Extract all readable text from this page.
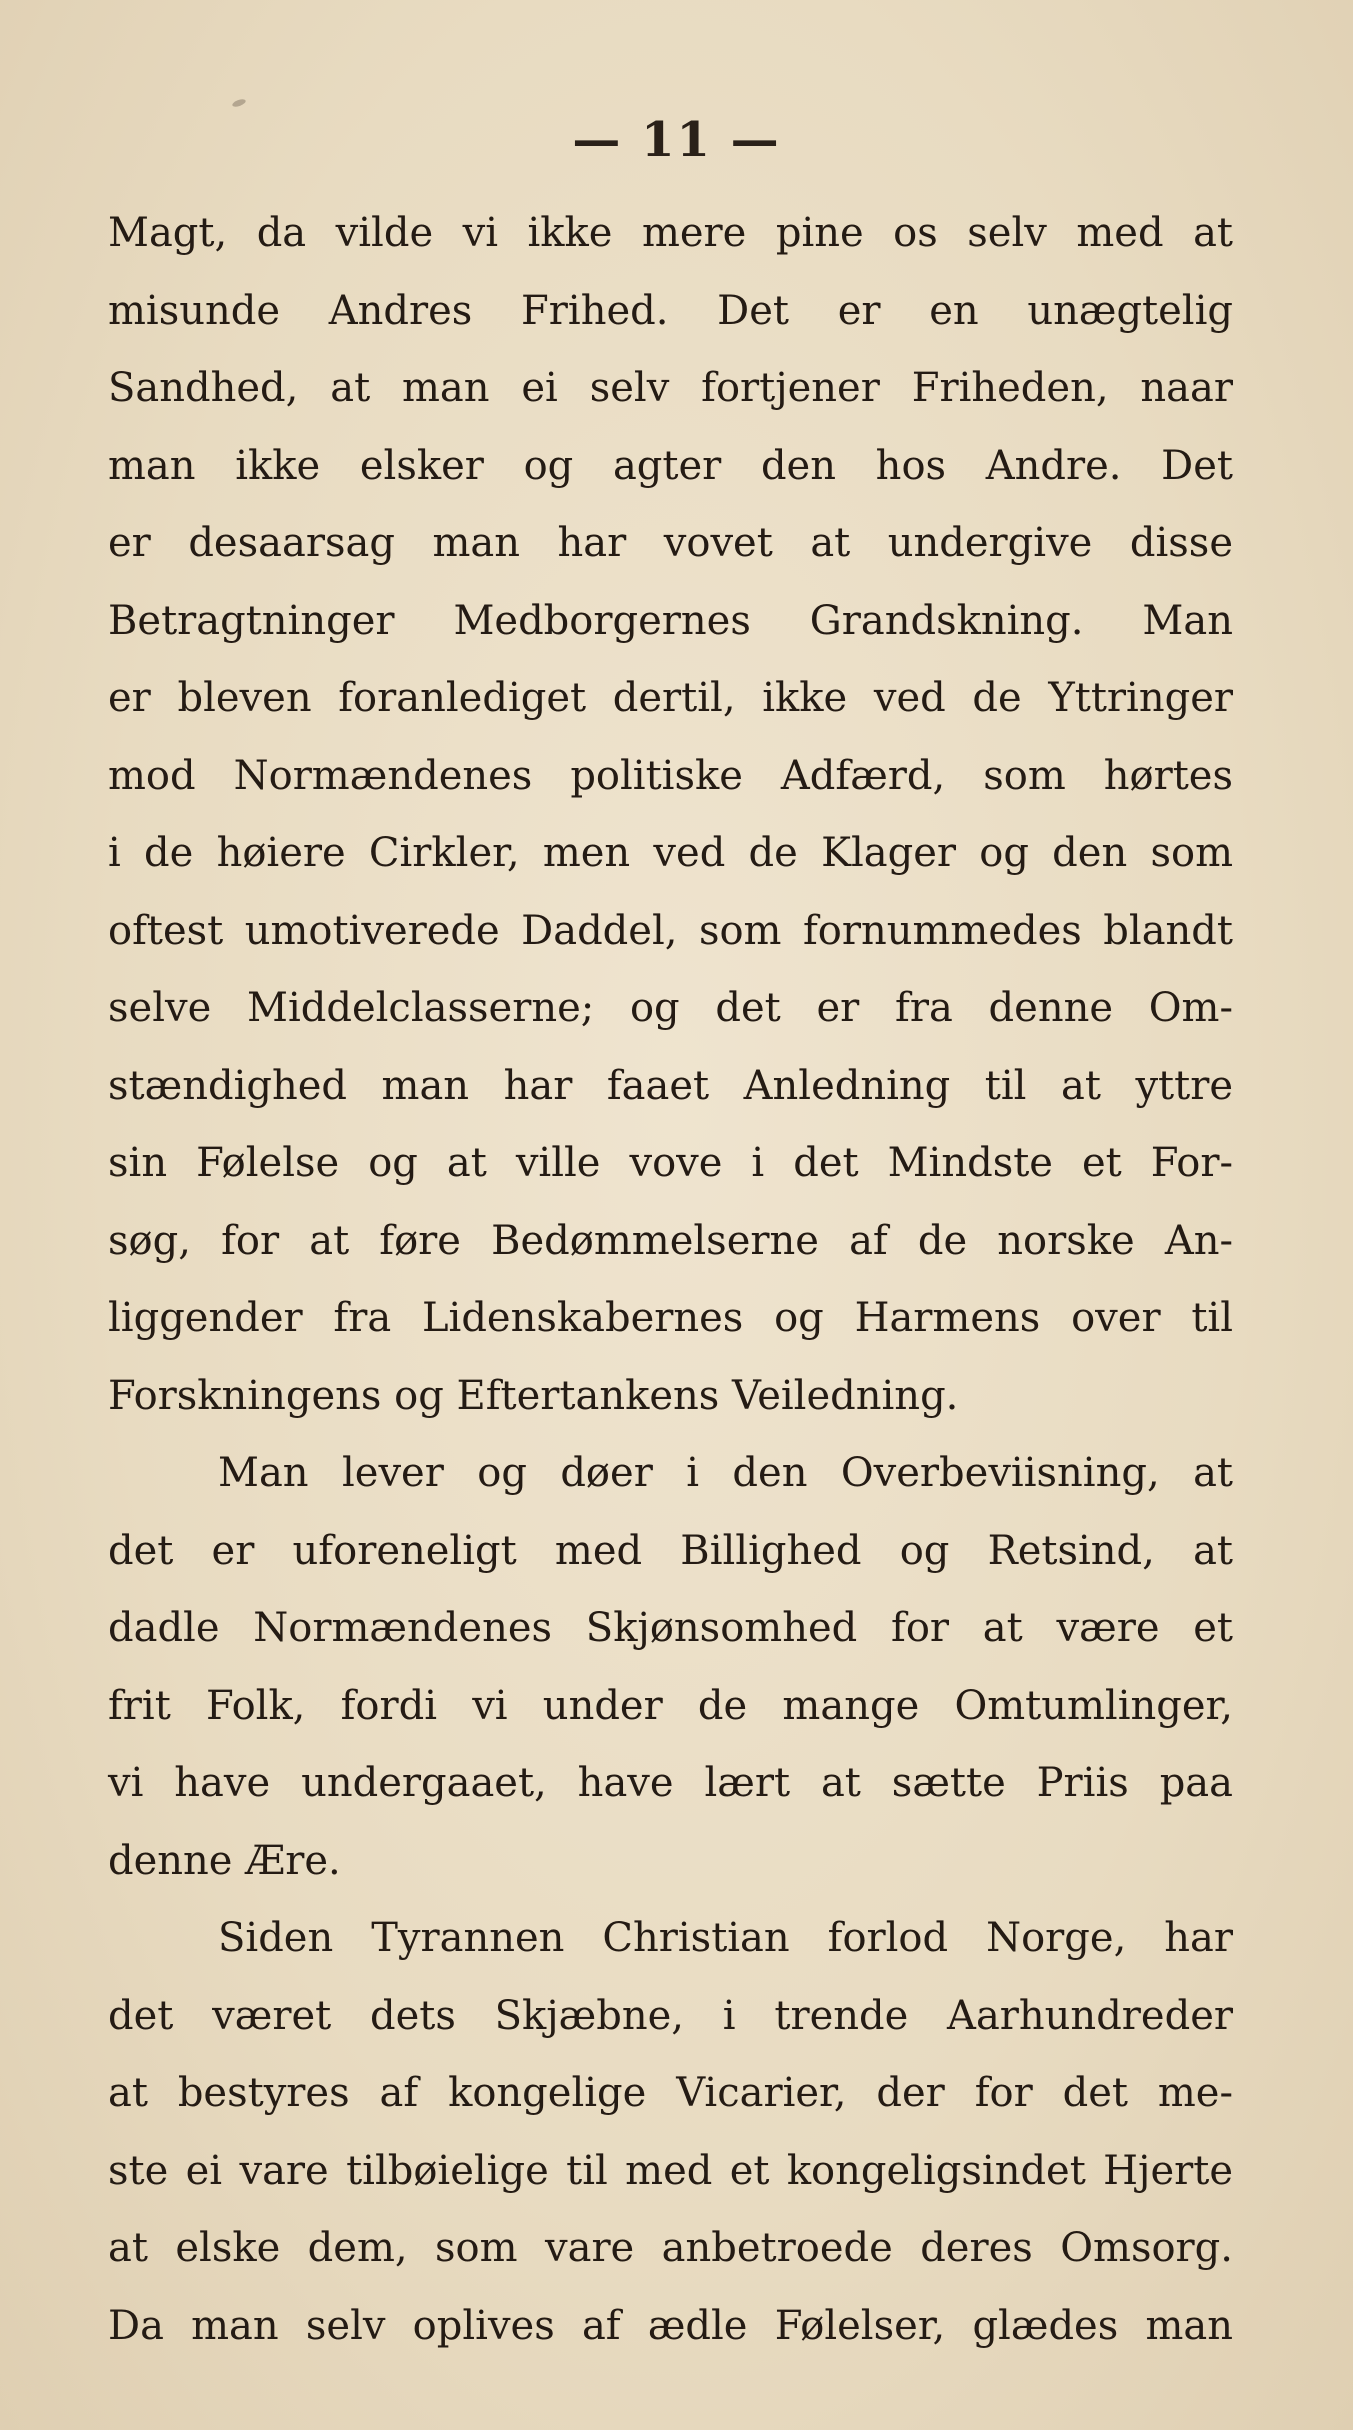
— 11 —
Magt, da vilde vi ikke mere pine os selv med at
misunde Andres Frihed. Det er en unægtelig
Sandhed, at man ei selv fortjener Friheden, naar
man ikke elsker og agter den hos Andre. Det
er desaarsag man har vovet at undergive disse
Betragtninger Medborgernes Grandskning. Man
er bleven foranlediget dertil, ikke ved de Yttringer
mod Normændenes politiske Adfærd, som hørtes
i de høiere Cirkler, men ved de Klager og den som
oftest umotiverede Daddel, som fornummedes blandt
selve Middelclasserne; og det er fra denne Om-
stændighed man har faaet Anledning til at yttre
sin Følelse og at ville vove i det Mindste et For-
søg, for at føre Bedømmelserne af de norske An-
liggender fra Lidenskabernes og Harmens over til
Forskningens og Eftertankens Veiledning.
Man lever og døer i den Overbeviisning, at
det er uforeneligt med Billighed og Retsind, at
dadle Normændenes Skjønsomhed for at være et
frit Folk, fordi vi under de mange Omtumlinger,
vi have undergaaet, have lært at sætte Priis paa
denne Ære.
Siden Tyrannen Christian forlod Norge, har
det været dets Skjæbne, i trende Aarhundreder
at bestyres af kongelige Vicarier, der for det me-
ste ei vare tilbøielige til med et kongeligsindet Hjerte
at elske dem, som vare anbetroede deres Omsorg.
Da man selv oplives af ædle Følelser, glædes man
